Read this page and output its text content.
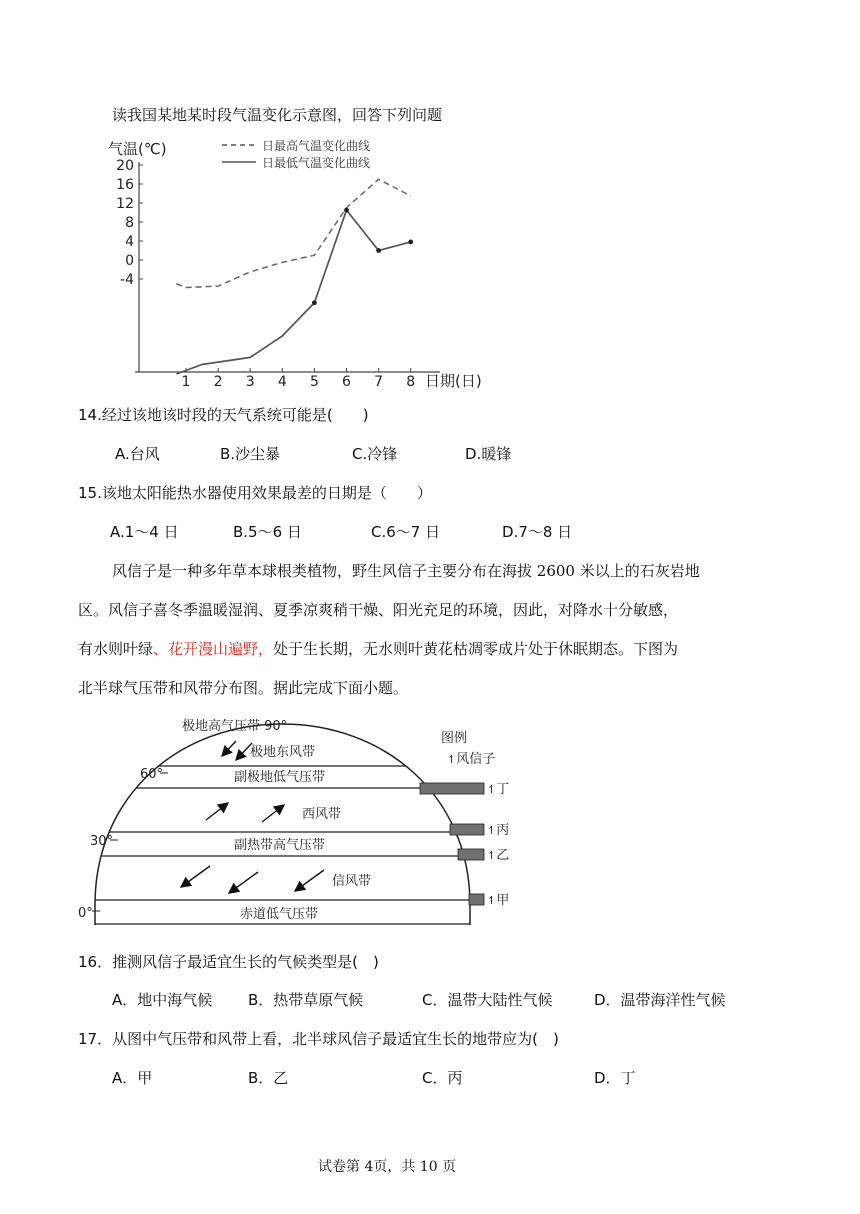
读我国某地某时段气温变化示意图，回答下列问题
气温(℃)	日最高气温变化曲线
日最低气温变化曲线
20
16
12
8
4
0
-4
1 2 3 4 5 6 7 8 日期(日)
14.经过该地该时段的天气系统可能是(　　)
A.台风	B.沙尘暴	C.冷锋	D.暖锋
15.该地太阳能热水器使用效果最差的日期是（　　）
A.1～4 日	B.5～6 日	C.6～7 日	D.7～8 日
风信子是一种多年草本球根类植物，野生风信子主要分布在海拔 2600 米以上的石灰岩地
区。风信子喜冬季温暖湿润、夏季凉爽稍干燥、阳光充足的环境，因此，对降水十分敏感，
有水则叶绿、花开漫山遍野，处于生长期，无水则叶黄花枯凋零成片处于休眠期态。下图为
北半球气压带和风带分布图。据此完成下面小题。
极地高气压带 90°
极地东风带
副极地低气压带
西风带
副热带高气压带
信风带
赤道低气压带
60°
30°
0°
↿丁
↿丙
↿乙
↿甲
图例
↿风信子
16．推测风信子最适宜生长的气候类型是(　)
A．地中海气候 B．热带草原气候	C．温带大陆性气候	D．温带海洋性气候
17．从图中气压带和风带上看，北半球风信子最适宜生长的地带应为(　)
A．甲	B．乙	C．丙	D．丁
试卷第 4页，共 10 页
